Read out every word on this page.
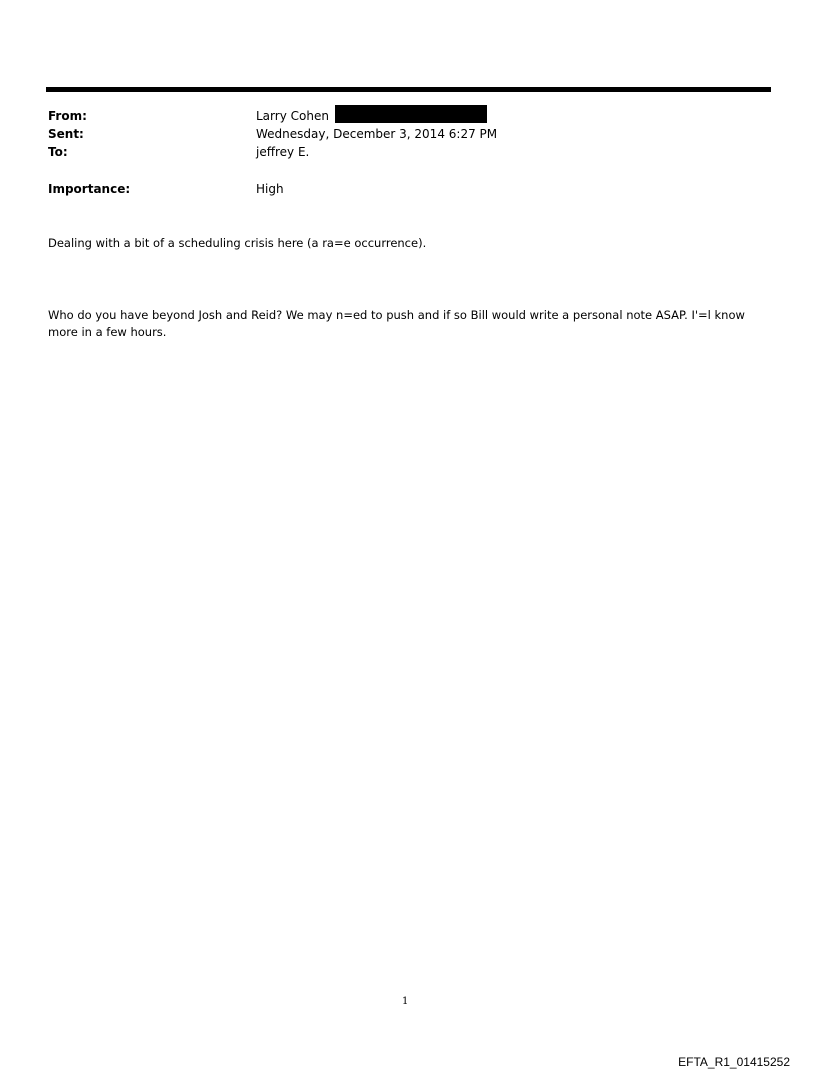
From:	Larry Cohen
Sent:	Wednesday, December 3, 2014 6:27 PM
To:	jeffrey E.
Importance:	High
Dealing with a bit of a scheduling crisis here (a ra=e occurrence).
Who do you have beyond Josh and Reid? We may n=ed to push and if so Bill would write a personal note ASAP. I'=l know more in a few hours.
1
EFTA_R1_01415252
